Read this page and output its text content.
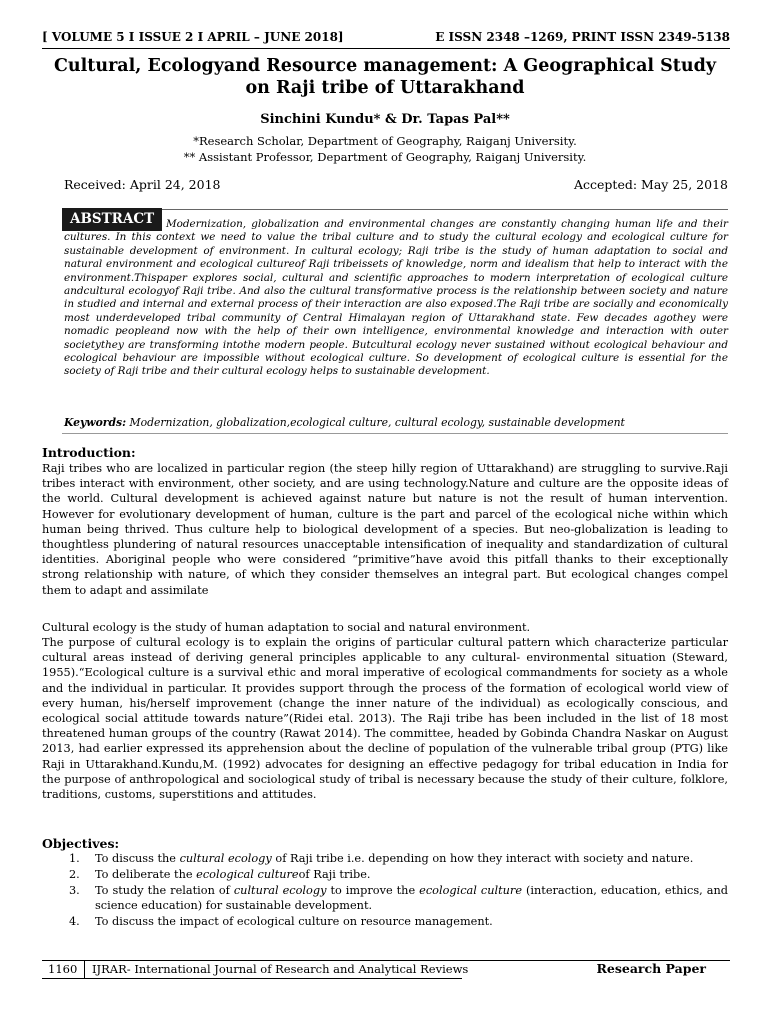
[ VOLUME 5 I ISSUE 2 I APRIL – JUNE 2018]	E ISSN 2348 –1269, PRINT ISSN 2349-5138
Cultural, Ecologyand Resource management: A Geographical Study on Raji tribe of Uttarakhand
Sinchini Kundu* & Dr. Tapas Pal**
*Research Scholar, Department of Geography, Raiganj University.
** Assistant Professor, Department of Geography, Raiganj University.
Received: April 24, 2018	Accepted: May 25, 2018
ABSTRACT	Modernization, globalization and environmental changes are constantly changing human life and their cultures. In this context we need to value the tribal culture and to study the cultural ecology and ecological culture for sustainable development of environment. In cultural ecology; Raji tribe is the study of human adaptation to social and natural environment and ecological cultureof Raji tribeissets of knowledge, norm and idealism that help to interact with the environment.Thispaper explores social, cultural and scientific approaches to modern interpretation of ecological culture andcultural ecologyof Raji tribe. And also the cultural transformative process is the relationship between society and nature in studied and internal and external process of their interaction are also exposed.The Raji tribe are socially and economically most underdeveloped tribal community of Central Himalayan region of Uttarakhand state. Few decades agothey were nomadic peopleand now with the help of their own intelligence, environmental knowledge and interaction with outer societythey are transforming intothe modern people. Butcultural ecology never sustained without ecological behaviour and ecological behaviour are impossible without ecological culture. So development of ecological culture is essential for the society of Raji tribe and their cultural ecology helps to sustainable development.
Keywords: Modernization, globalization,ecological culture, cultural ecology, sustainable development
Introduction:
Raji tribes who are localized in particular region (the steep hilly region of Uttarakhand) are struggling to survive.Raji tribes interact with environment, other society, and are using technology.Nature and culture are the opposite ideas of the world. Cultural development is achieved against nature but nature is not the result of human intervention. However for evolutionary development of human, culture is the part and parcel of the ecological niche within which human being thrived. Thus culture help to biological development of a species. But neo-globalization is leading to thoughtless plundering of natural resources unacceptable intensification of inequality and standardization of cultural identities. Aboriginal people who were considered “primitive”have avoid this pitfall thanks to their exceptionally strong relationship with nature, of which they consider themselves an integral part. But ecological changes compel them to adapt and assimilate
Cultural ecology is the study of human adaptation to social and natural environment.
The purpose of cultural ecology is to explain the origins of particular cultural pattern which characterize particular cultural areas instead of deriving general principles applicable to any cultural- environmental situation (Steward, 1955).“Ecological culture is a survival ethic and moral imperative of ecological commandments for society as a whole and the individual in particular. It provides support through the process of the formation of ecological world view of every human, his/herself improvement (change the inner nature of the individual) as ecologically conscious, and ecological social attitude towards nature”(Ridei etal. 2013). The Raji tribe has been included in the list of 18 most threatened human groups of the country (Rawat 2014). The committee, headed by Gobinda Chandra Naskar on August 2013, had earlier expressed its apprehension about the decline of population of the vulnerable tribal group (PTG) like Raji in Uttarakhand.Kundu,M. (1992) advocates for designing an effective pedagogy for tribal education in India for the purpose of anthropological and sociological study of tribal is necessary because the study of their culture, folklore, traditions, customs, superstitions and attitudes.
Objectives:
1. To discuss the cultural ecology of Raji tribe i.e. depending on how they interact with society and nature.
2. To deliberate the ecological cultureof Raji tribe.
3. To study the relation of cultural ecology to improve the ecological culture (interaction, education, ethics, and science education) for sustainable development.
4. To discuss the impact of ecological culture on resource management.
1160 IJRAR- International Journal of Research and Analytical Reviews	Research Paper
